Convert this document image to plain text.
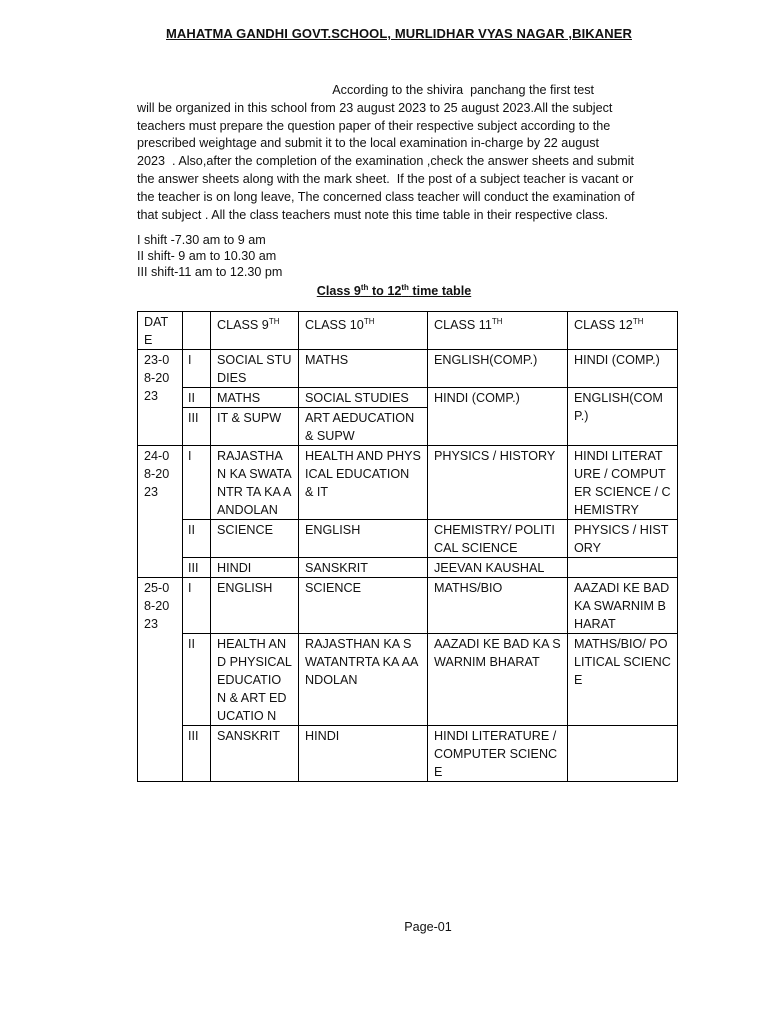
MAHATMA GANDHI GOVT.SCHOOL, MURLIDHAR VYAS NAGAR ,BIKANER
According to the shivira  panchang the first test
will be organized in this school from 23 august 2023 to 25 august 2023.All the subject
teachers must prepare the question paper of their respective subject according to the
prescribed weightage and submit it to the local examination in-charge by 22 august
2023  . Also,after the completion of the examination ,check the answer sheets and submit
the answer sheets along with the mark sheet.  If the post of a subject teacher is vacant or
the teacher is on long leave, The concerned class teacher will conduct the examination of
that subject . All the class teachers must note this time table in their respective class.
I shift -7.30 am to 9 am
II shift- 9 am to 10.30 am
III shift-11 am to 12.30 pm
Class 9th to 12th time table
DAT E		CLASS 9TH	CLASS 10TH	CLASS 11TH	CLASS 12TH
23-08-2023	I	SOCIAL STUDIES	MATHS	ENGLISH(COMP.)	HINDI (COMP.)
	II	MATHS	SOCIAL STUDIES	HINDI (COMP.)	ENGLISH(COM P.)
	III	IT & SUPW	ART AEDUCATION & SUPW		
24-08-2023	I	RAJASTHA N KA SWATANTR TA KA AANDOLAN	HEALTH AND PHYSICAL EDUCATION & IT	PHYSICS / HISTORY	HINDI LITERATURE / COMPUTER SCIENCE / CHEMISTRY
	II	SCIENCE	ENGLISH	CHEMISTRY/ POLITICAL SCIENCE	PHYSICS / HISTORY
	III	HINDI	SANSKRIT	JEEVAN KAUSHAL	
25-08-2023	I	ENGLISH	SCIENCE	MATHS/BIO	AAZADI KE BAD KA SWARNIM BHARAT
	II	HEALTH AND PHYSICAL EDUCATIO N & ART EDUCATIO N	RAJASTHAN KA SWATANTRTA KA AANDOLAN	AAZADI KE BAD KA SWARNIM BHARAT	MATHS/BIO/ POLITICAL SCIENCE
	III	SANSKRIT	HINDI	HINDI LITERATURE / COMPUTER SCIENCE	
Page-01
